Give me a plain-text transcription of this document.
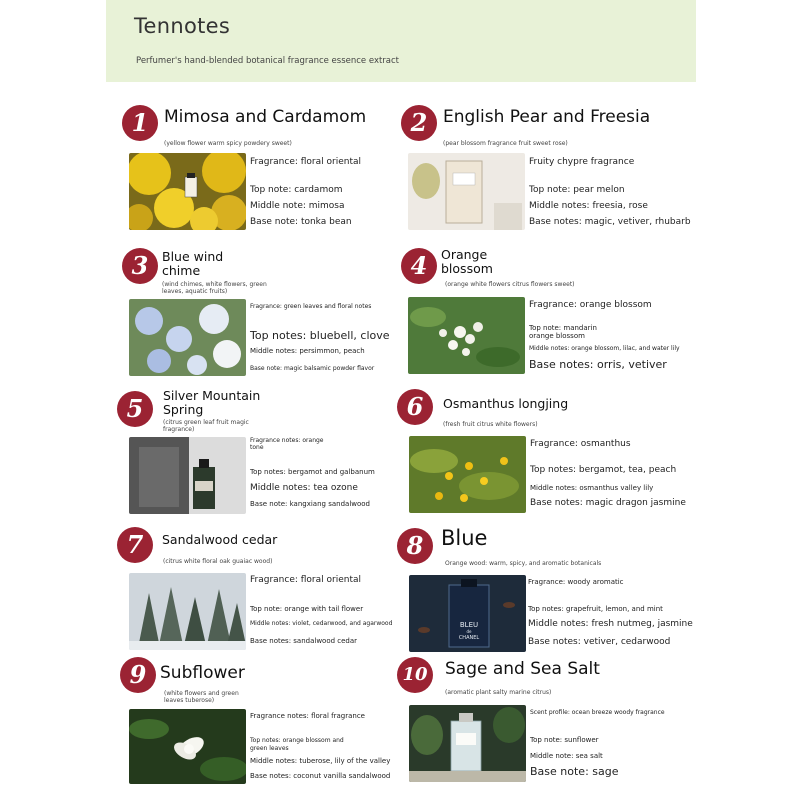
Tennotes
Perfumer's hand-blended botanical fragrance essence extract
1 Mimosa and Cardamom
(yellow flower warm spicy powdery sweet)
Fragrance: floral oriental
Top note: cardamom
Middle note: mimosa
Base note: tonka bean
2 English Pear and Freesia
(pear blossom fragrance fruit sweet rose)
Fruity chypre fragrance
Top note: pear melon
Middle notes: freesia, rose
Base notes: magic, vetiver, rhubarb
3	Blue wind chime
(wind chimes, white flowers, green leaves, aquatic fruits)
Fragrance: green leaves and floral notes
Top notes: bluebell, clove
Middle notes: persimmon, peach
Base note: magic balsamic powder flavor
4	Orange blossom
(orange white flowers citrus flowers sweet)
Fragrance: orange blossom
Top note: mandarin orange blossom
Middle notes: orange blossom, lilac, and water lily
Base notes: orris, vetiver
5	Silver Mountain Spring
(citrus green leaf fruit magic fragrance)
Fragrance notes: orange tone
Top notes: bergamot and galbanum
Middle notes: tea ozone
Base note: kangxiang sandalwood
6	Osmanthus longjing
(fresh fruit citrus white flowers)
Fragrance: osmanthus
Top notes: bergamot, tea, peach
Middle notes: osmanthus valley lily
Base notes: magic dragon jasmine
7	Sandalwood cedar
(citrus white floral oak guaiac wood)
Fragrance: floral oriental
Top note: orange with tail flower
Middle notes: violet, cedarwood, and agarwood
Base notes: sandalwood cedar
8 Blue
Orange wood: warm, spicy, and aromatic botanicals
BLEU
de
CHANEL
Fragrance: woody aromatic
Top notes: grapefruit, lemon, and mint
Middle notes: fresh nutmeg, jasmine
Base notes: vetiver, cedarwood
9 Subflower
(white flowers and green leaves tuberose)
Fragrance notes: floral fragrance
Top notes: orange blossom and green leaves
Middle notes: tuberose, lily of the valley
Base notes: coconut vanilla sandalwood
10	Sage and Sea Salt
(aromatic plant salty marine citrus)
Scent profile: ocean breeze woody fragrance
Top note: sunflower
Middle note: sea salt
Base note: sage
